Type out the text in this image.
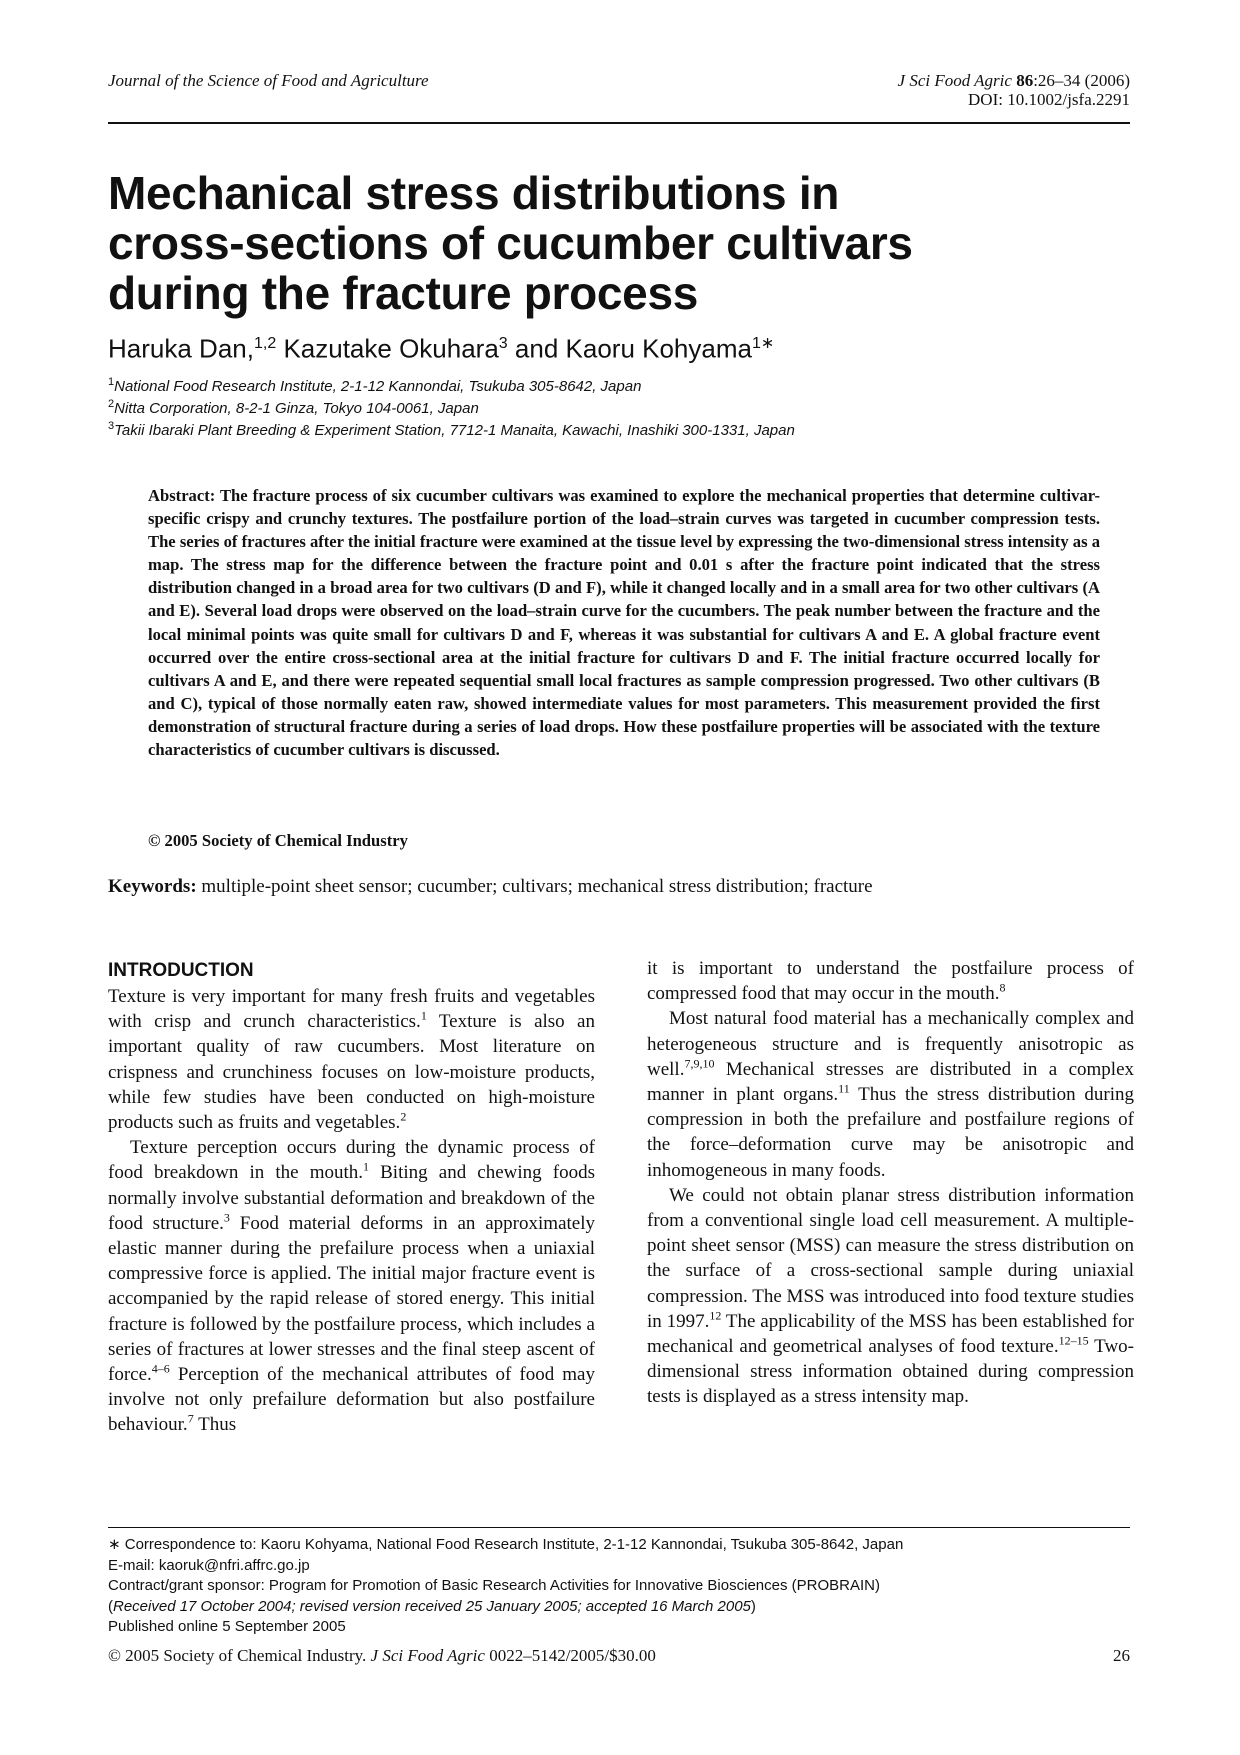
Journal of the Science of Food and Agriculture	J Sci Food Agric 86:26–34 (2006)
DOI: 10.1002/jsfa.2291
Mechanical stress distributions in
cross-sections of cucumber cultivars
during the fracture process
Haruka Dan,$^{1,2}$ Kazutake Okuhara$^3$ and Kaoru Kohyama$^{1∗}$
$^1$National Food Research Institute, 2-1-12 Kannondai, Tsukuba 305-8642, Japan
$^2$Nitta Corporation, 8-2-1 Ginza, Tokyo 104-0061, Japan
$^3$Takii Ibaraki Plant Breeding & Experiment Station, 7712-1 Manaita, Kawachi, Inashiki 300-1331, Japan
Abstract: The fracture process of six cucumber cultivars was examined to explore the mechanical properties that determine cultivar-specific crispy and crunchy textures. The postfailure portion of the load–strain curves was targeted in cucumber compression tests. The series of fractures after the initial fracture were examined at the tissue level by expressing the two-dimensional stress intensity as a map. The stress map for the difference between the fracture point and 0.01 s after the fracture point indicated that the stress distribution changed in a broad area for two cultivars (D and F), while it changed locally and in a small area for two other cultivars (A and E). Several load drops were observed on the load–strain curve for the cucumbers. The peak number between the fracture and the local minimal points was quite small for cultivars D and F, whereas it was substantial for cultivars A and E. A global fracture event occurred over the entire cross-sectional area at the initial fracture for cultivars D and F. The initial fracture occurred locally for cultivars A and E, and there were repeated sequential small local fractures as sample compression progressed. Two other cultivars (B and C), typical of those normally eaten raw, showed intermediate values for most parameters. This measurement provided the first demonstration of structural fracture during a series of load drops. How these postfailure properties will be associated with the texture characteristics of cucumber cultivars is discussed.
© 2005 Society of Chemical Industry
Keywords: multiple-point sheet sensor; cucumber; cultivars; mechanical stress distribution; fracture
INTRODUCTION

Texture is very important for many fresh fruits and vegetables with crisp and crunch characteristics.$^1$ Texture is also an important quality of raw cucumbers. Most literature on crispness and crunchiness focuses on low-moisture products, while few studies have been conducted on high-moisture products such as fruits and vegetables.$^2$

Texture perception occurs during the dynamic process of food breakdown in the mouth.$^1$ Biting and chewing foods normally involve substantial deformation and breakdown of the food structure.$^3$ Food material deforms in an approximately elastic manner during the prefailure process when a uniaxial compressive force is applied. The initial major fracture event is accompanied by the rapid release of stored energy. This initial fracture is followed by the postfailure process, which includes a series of fractures at lower stresses and the final steep ascent of force.$^{4-6}$ Perception of the mechanical attributes of food may involve not only prefailure deformation but also postfailure behaviour.$^7$ Thus

it is important to understand the postfailure process of compressed food that may occur in the mouth.$^8$

Most natural food material has a mechanically complex and heterogeneous structure and is frequently anisotropic as well.$^{7,9,10}$ Mechanical stresses are distributed in a complex manner in plant organs.$^{11}$ Thus the stress distribution during compression in both the prefailure and postfailure regions of the force–deformation curve may be anisotropic and inhomogeneous in many foods.

We could not obtain planar stress distribution information from a conventional single load cell measurement. A multiple-point sheet sensor (MSS) can measure the stress distribution on the surface of a cross-sectional sample during uniaxial compression. The MSS was introduced into food texture studies in 1997.12 The applicability of the MSS has been established for mechanical and geometrical analyses of food texture.$^{12-15}$ Two-dimensional stress information obtained during compression tests is displayed as a stress intensity map.

∗ Correspondence to: Kaoru Kohyama, National Food Research Institute, 2-1-12 Kannondai, Tsukuba 305-8642, Japan
E-mail: kaoruk@nfri.affrc.go.jp
Contract/grant sponsor: Program for Promotion of Basic Research Activities for Innovative Biosciences (PROBRAIN)
(Received 17 October 2004; revised version received 25 January 2005; accepted 16 March 2005)
Published online 5 September 2005
© 2005 Society of Chemical Industry. J Sci Food Agric 0022–5142/2005/$30.00	26
